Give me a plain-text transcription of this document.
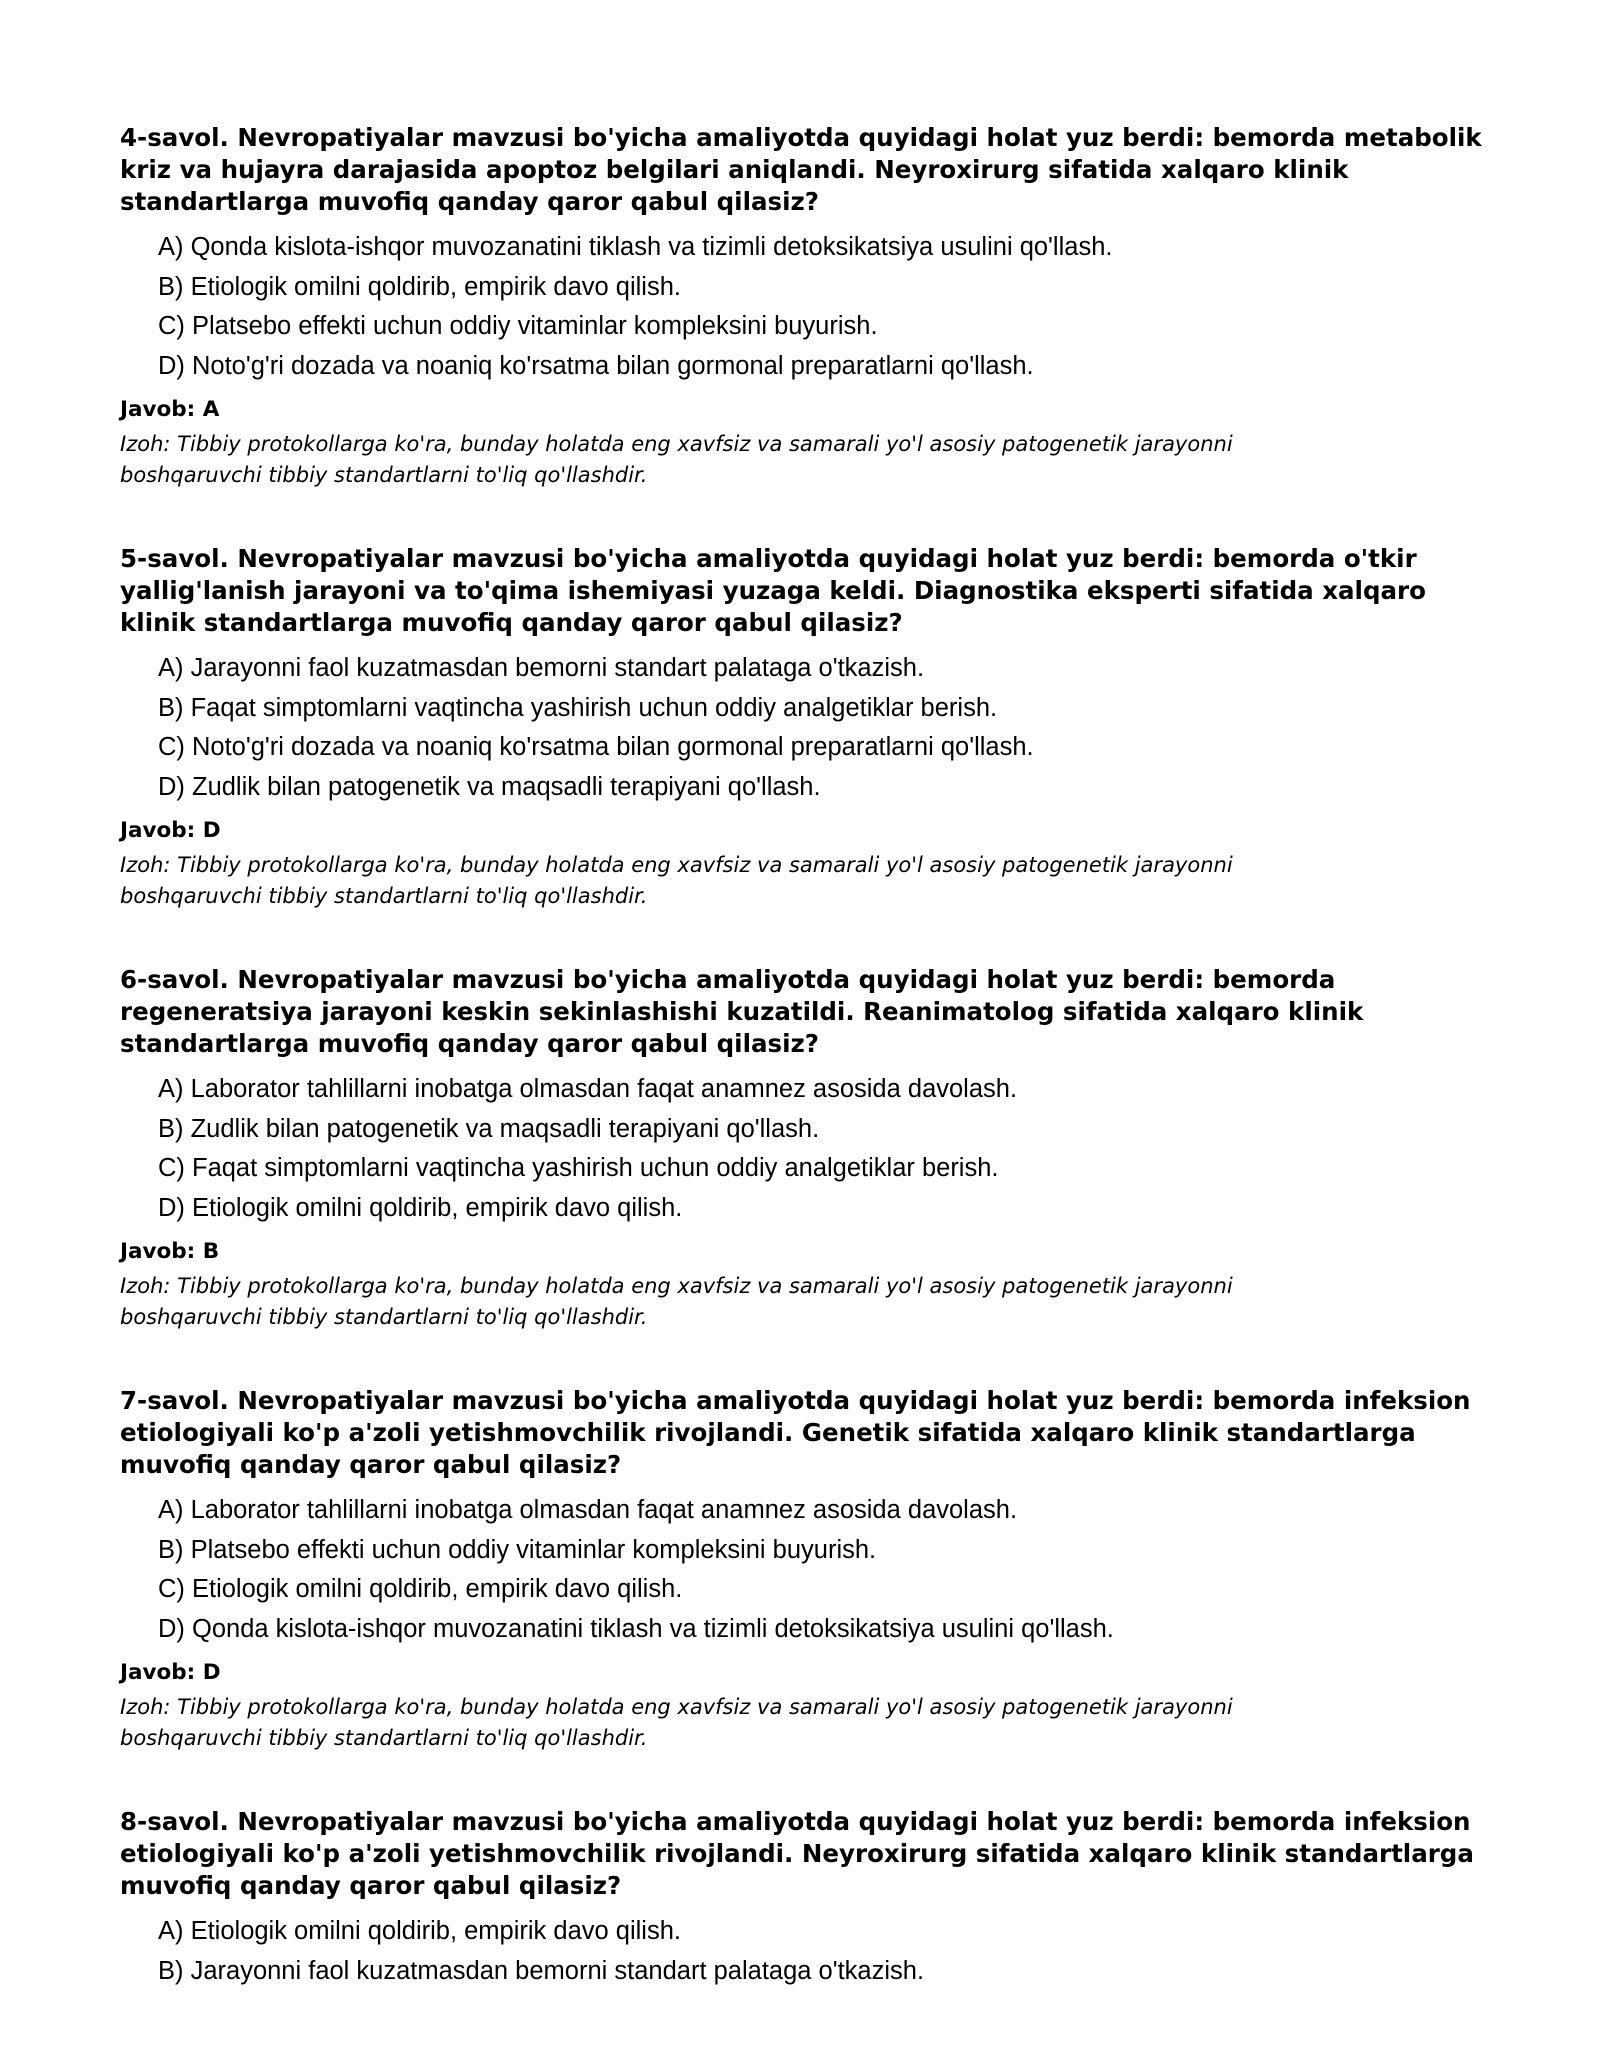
4-savol. Nevropatiyalar mavzusi bo'yicha amaliyotda quyidagi holat yuz berdi: bemorda metabolik kriz va hujayra darajasida apoptoz belgilari aniqlandi. Neyroxirurg sifatida xalqaro klinik standartlarga muvofiq qanday qaror qabul qilasiz?
A) Qonda kislota-ishqor muvozanatini tiklash va tizimli detoksikatsiya usulini qo'llash.
B) Etiologik omilni qoldirib, empirik davo qilish.
C) Platsebo effekti uchun oddiy vitaminlar kompleksini buyurish.
D) Noto'g'ri dozada va noaniq ko'rsatma bilan gormonal preparatlarni qo'llash.
Javob: A
Izoh: Tibbiy protokollarga ko'ra, bunday holatda eng xavfsiz va samarali yo'l asosiy patogenetik jarayonni boshqaruvchi tibbiy standartlarni to'liq qo'llashdir.
5-savol. Nevropatiyalar mavzusi bo'yicha amaliyotda quyidagi holat yuz berdi: bemorda o'tkir yallig'lanish jarayoni va to'qima ishemiyasi yuzaga keldi. Diagnostika eksperti sifatida xalqaro klinik standartlarga muvofiq qanday qaror qabul qilasiz?
A) Jarayonni faol kuzatmasdan bemorni standart palataga o'tkazish.
B) Faqat simptomlarni vaqtincha yashirish uchun oddiy analgetiklar berish.
C) Noto'g'ri dozada va noaniq ko'rsatma bilan gormonal preparatlarni qo'llash.
D) Zudlik bilan patogenetik va maqsadli terapiyani qo'llash.
Javob: D
Izoh: Tibbiy protokollarga ko'ra, bunday holatda eng xavfsiz va samarali yo'l asosiy patogenetik jarayonni boshqaruvchi tibbiy standartlarni to'liq qo'llashdir.
6-savol. Nevropatiyalar mavzusi bo'yicha amaliyotda quyidagi holat yuz berdi: bemorda regeneratsiya jarayoni keskin sekinlashishi kuzatildi. Reanimatolog sifatida xalqaro klinik standartlarga muvofiq qanday qaror qabul qilasiz?
A) Laborator tahlillarni inobatga olmasdan faqat anamnez asosida davolash.
B) Zudlik bilan patogenetik va maqsadli terapiyani qo'llash.
C) Faqat simptomlarni vaqtincha yashirish uchun oddiy analgetiklar berish.
D) Etiologik omilni qoldirib, empirik davo qilish.
Javob: B
Izoh: Tibbiy protokollarga ko'ra, bunday holatda eng xavfsiz va samarali yo'l asosiy patogenetik jarayonni boshqaruvchi tibbiy standartlarni to'liq qo'llashdir.
7-savol. Nevropatiyalar mavzusi bo'yicha amaliyotda quyidagi holat yuz berdi: bemorda infeksion etiologiyali ko'p a'zoli yetishmovchilik rivojlandi. Genetik sifatida xalqaro klinik standartlarga muvofiq qanday qaror qabul qilasiz?
A) Laborator tahlillarni inobatga olmasdan faqat anamnez asosida davolash.
B) Platsebo effekti uchun oddiy vitaminlar kompleksini buyurish.
C) Etiologik omilni qoldirib, empirik davo qilish.
D) Qonda kislota-ishqor muvozanatini tiklash va tizimli detoksikatsiya usulini qo'llash.
Javob: D
Izoh: Tibbiy protokollarga ko'ra, bunday holatda eng xavfsiz va samarali yo'l asosiy patogenetik jarayonni boshqaruvchi tibbiy standartlarni to'liq qo'llashdir.
8-savol. Nevropatiyalar mavzusi bo'yicha amaliyotda quyidagi holat yuz berdi: bemorda infeksion etiologiyali ko'p a'zoli yetishmovchilik rivojlandi. Neyroxirurg sifatida xalqaro klinik standartlarga muvofiq qanday qaror qabul qilasiz?
A) Etiologik omilni qoldirib, empirik davo qilish.
B) Jarayonni faol kuzatmasdan bemorni standart palataga o'tkazish.
